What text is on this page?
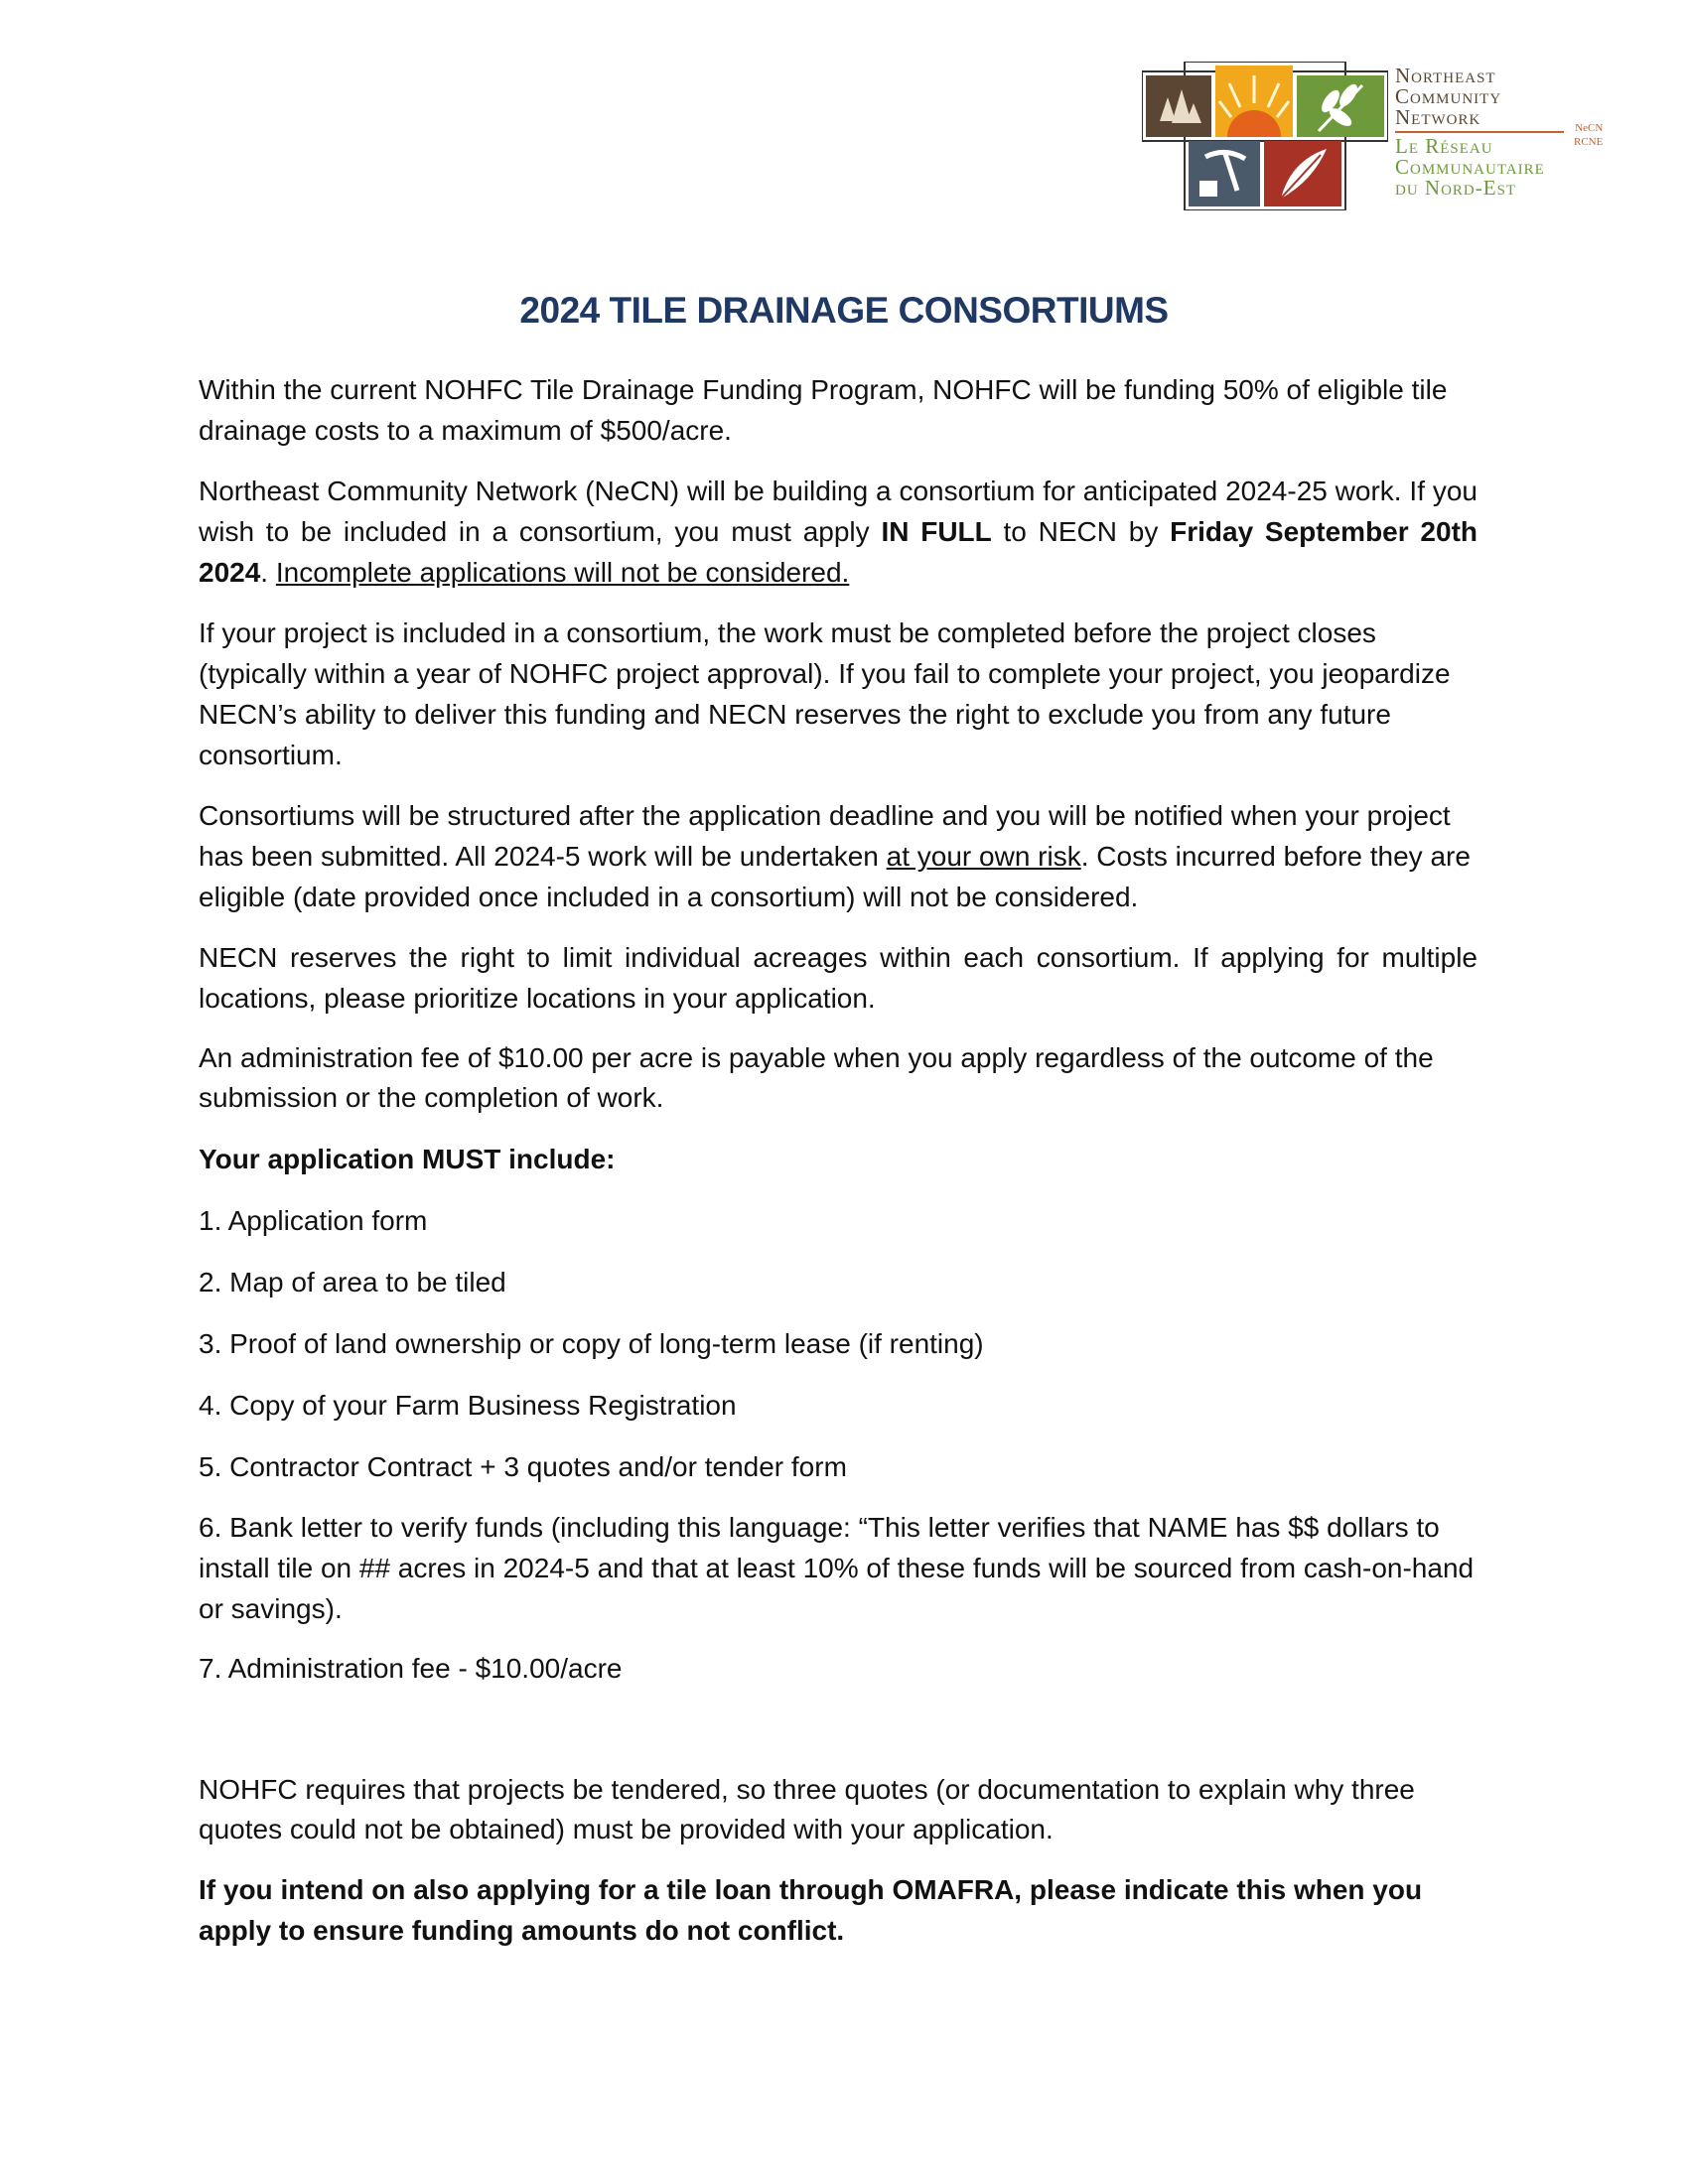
Northeast
Community
Network
Le Réseau
Communautaire
du Nord-Est
NeCN
RCNE
2024 TILE DRAINAGE CONSORTIUMS

Within the current NOHFC Tile Drainage Funding Program, NOHFC will be funding 50% of eligible tile drainage costs to a maximum of $500/acre.

Northeast Community Network (NeCN) will be building a consortium for anticipated 2024-25 work. If you wish to be included in a consortium, you must apply IN FULL to NECN by Friday September 20th 2024. Incomplete applications will not be considered.

If your project is included in a consortium, the work must be completed before the project closes (typically within a year of NOHFC project approval). If you fail to complete your project, you jeopardize NECN’s ability to deliver this funding and NECN reserves the right to exclude you from any future consortium.

Consortiums will be structured after the application deadline and you will be notified when your project has been submitted. All 2024-5 work will be undertaken at your own risk. Costs incurred before they are eligible (date provided once included in a consortium) will not be considered.

NECN reserves the right to limit individual acreages within each consortium. If applying for multiple locations, please prioritize locations in your application.

An administration fee of $10.00 per acre is payable when you apply regardless of the outcome of the submission or the completion of work.

Your application MUST include:

1. Application form

2. Map of area to be tiled

3. Proof of land ownership or copy of long-term lease (if renting)

4. Copy of your Farm Business Registration

5. Contractor Contract + 3 quotes and/or tender form

6. Bank letter to verify funds (including this language: “This letter verifies that NAME has $$ dollars to install tile on ## acres in 2024-5 and that at least 10% of these funds will be sourced from cash-on-hand or savings).

7. Administration fee - $10.00/acre

NOHFC requires that projects be tendered, so three quotes (or documentation to explain why three quotes could not be obtained) must be provided with your application.

If you intend on also applying for a tile loan through OMAFRA, please indicate this when you apply to ensure funding amounts do not conflict.
